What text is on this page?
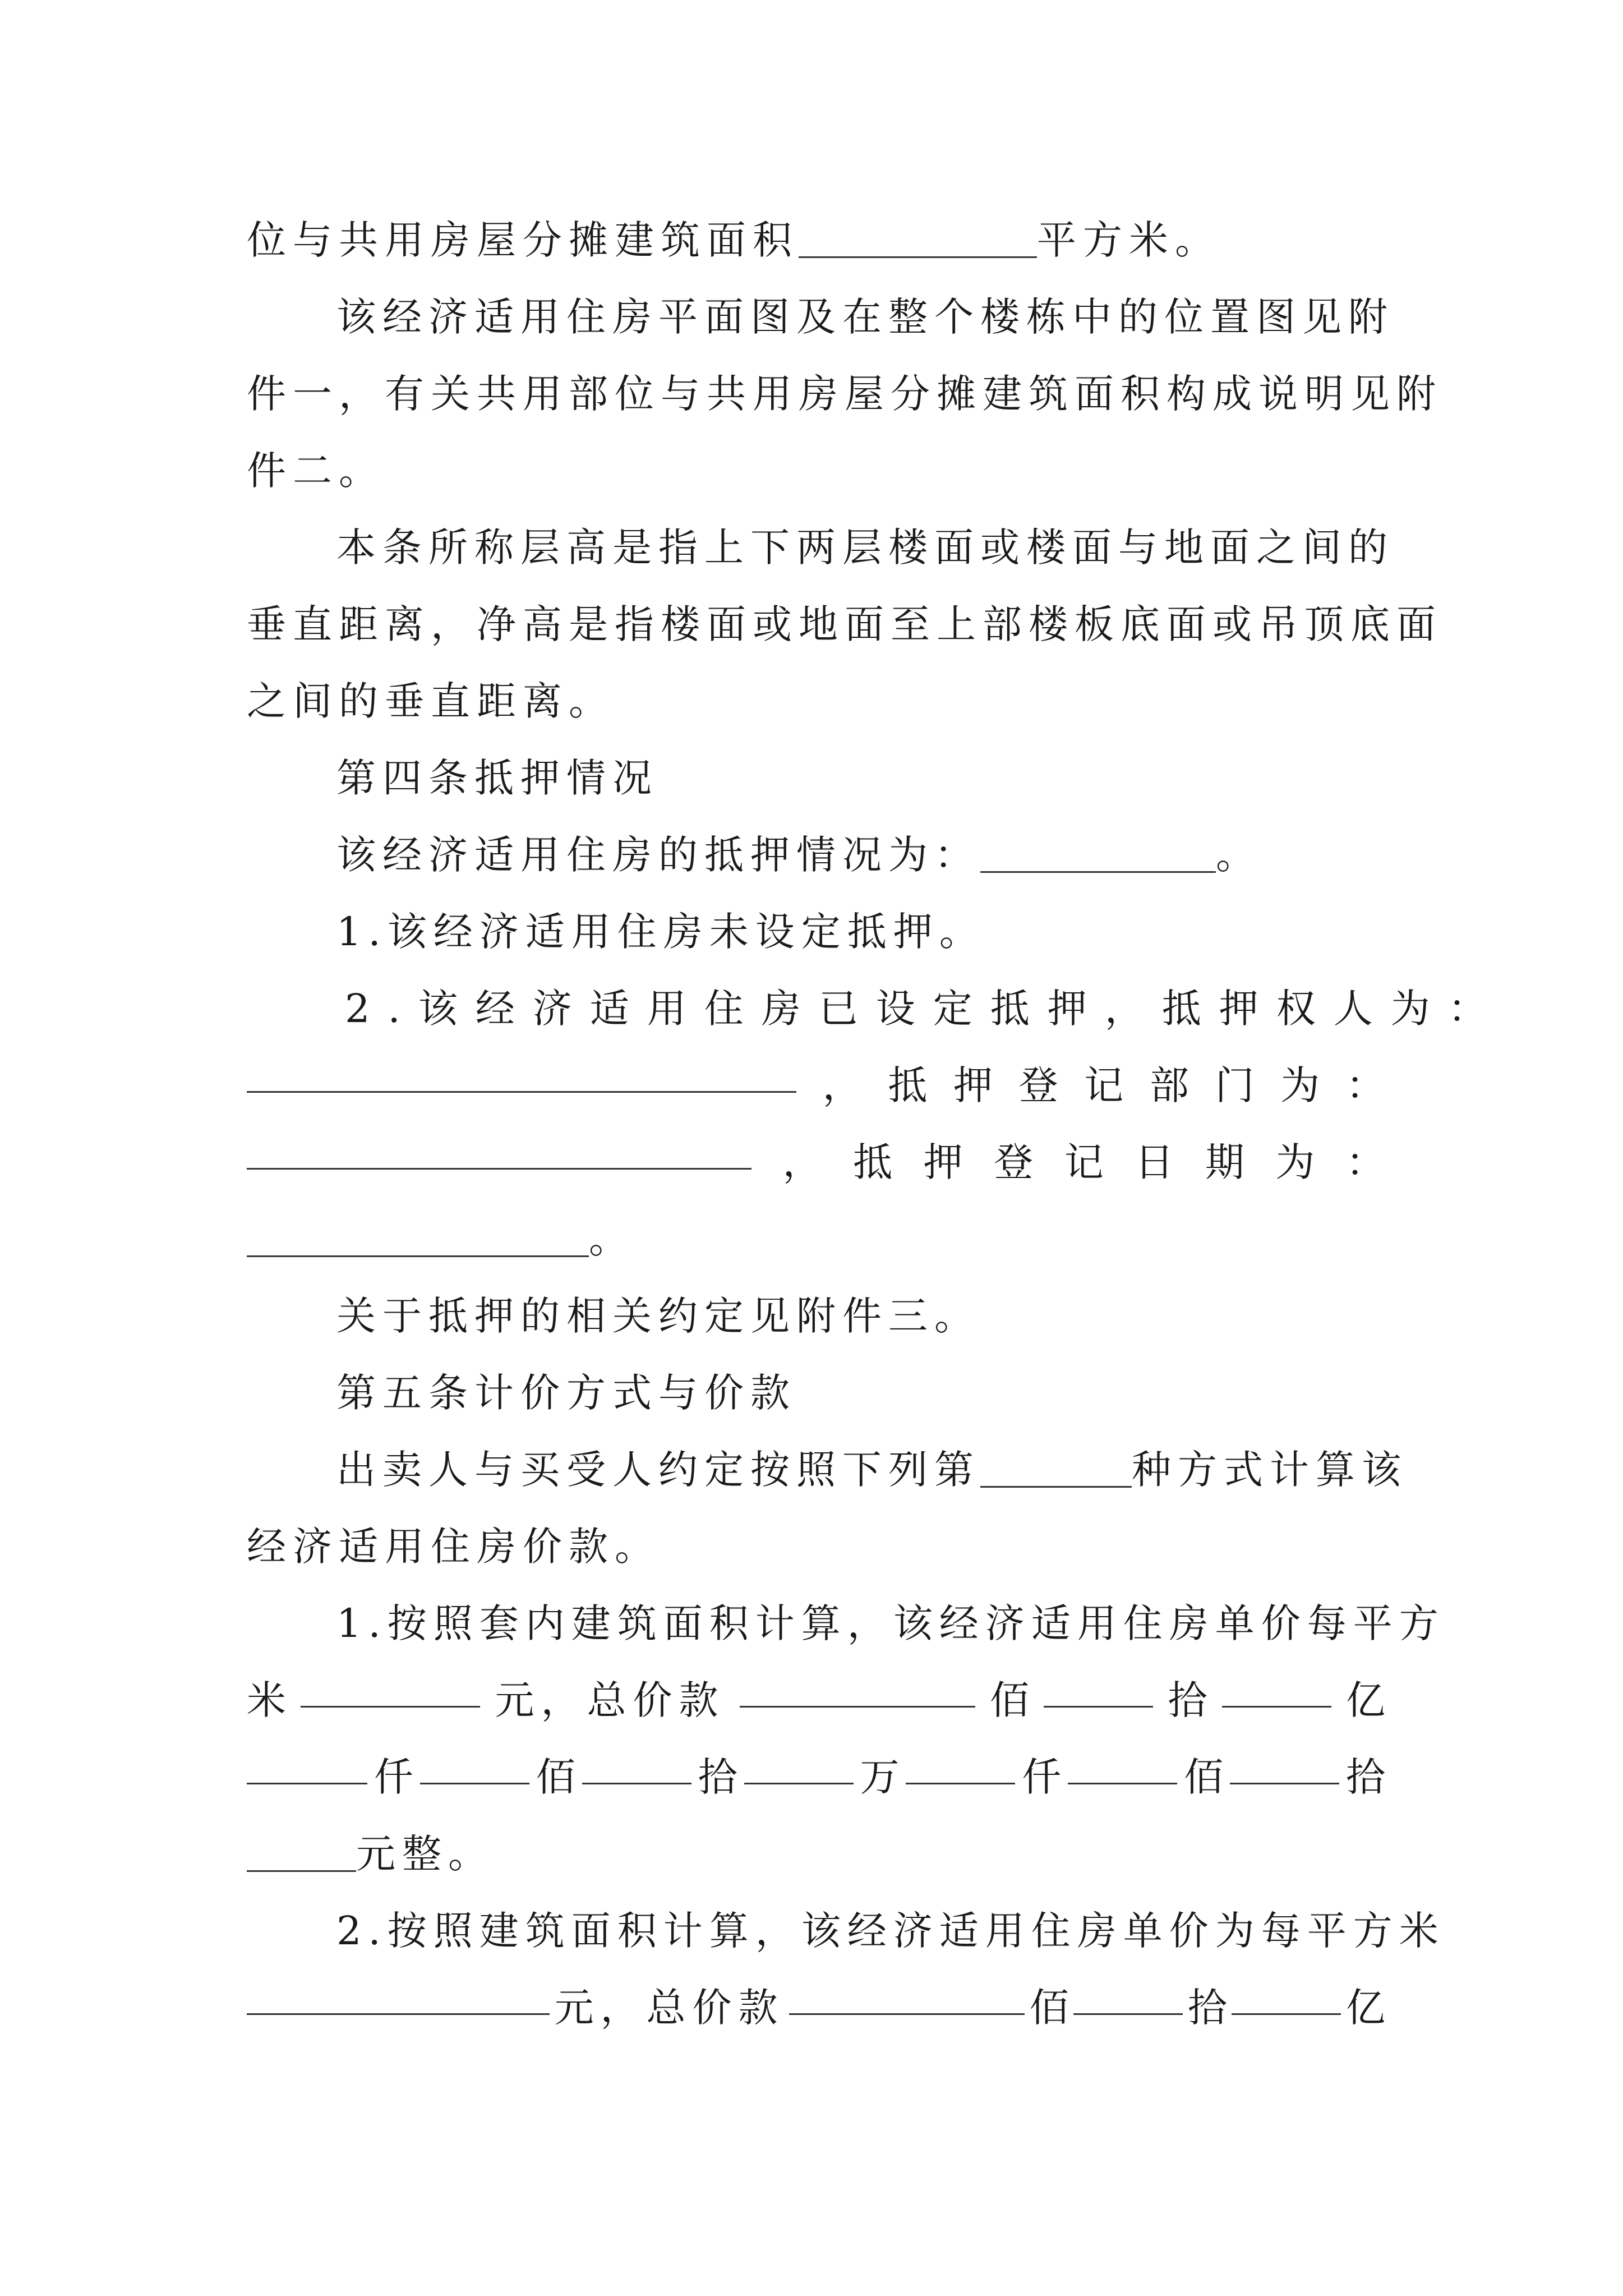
位与共用房屋分摊建筑面积	平方米。
该经济适用住房平面图及在整个楼栋中的位置图见附
件一，有关共用部位与共用房屋分摊建筑面积构成说明见附
件二。
本条所称层高是指上下两层楼面或楼面与地面之间的
垂直距离，净高是指楼面或地面至上部楼板底面或吊顶底面
之间的垂直距离。
第四条抵押情况
该经济适用住房的抵押情况为：	。
1.该经济适用住房未设定抵押。
2.该经济适用住房已设定抵押，抵押权人为：
， 抵 押 登 记 部 门 为 ：
， 抵 押 登 记 日 期 为 ：
。
关于抵押的相关约定见附件三。
第五条计价方式与价款
出卖人与买受人约定按照下列第	种方式计算该
经济适用住房价款。
1.按照套内建筑面积计算，该经济适用住房单价每平方
米	元，总价款	佰	拾	亿
仟	佰	拾	万	仟	佰	拾
元整。
2.按照建筑面积计算，该经济适用住房单价为每平方米
元，总价款	佰	拾	亿
